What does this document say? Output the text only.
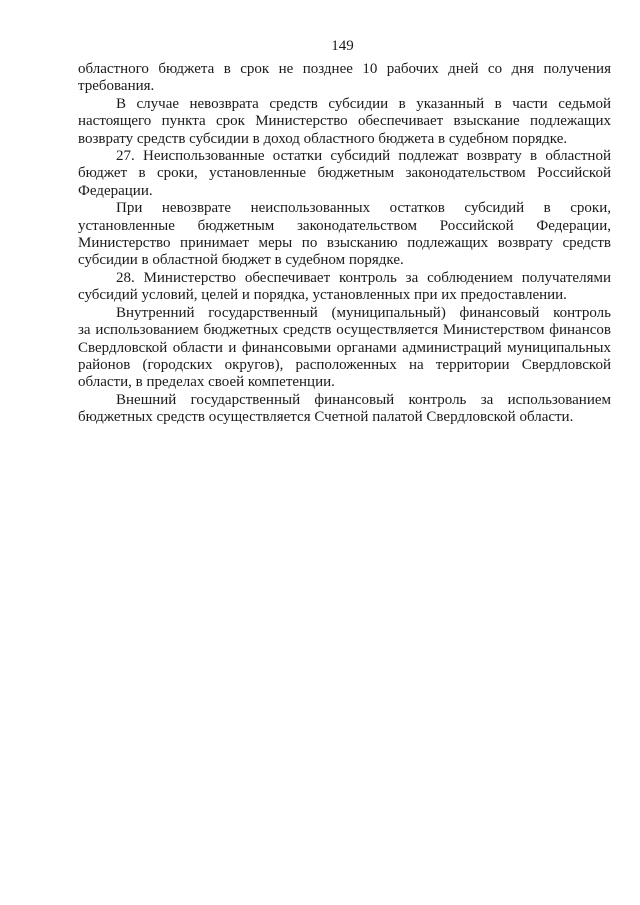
149
областного бюджета в срок не позднее 10 рабочих дней со дня получения
требования.
В случае невозврата средств субсидии в указанный в части седьмой
настоящего пункта срок Министерство обеспечивает взыскание подлежащих
возврату средств субсидии в доход областного бюджета в судебном порядке.
27. Неиспользованные остатки субсидий подлежат возврату в областной
бюджет в сроки, установленные бюджетным законодательством Российской
Федерации.
При невозврате неиспользованных остатков субсидий в сроки,
установленные бюджетным законодательством Российской Федерации,
Министерство принимает меры по взысканию подлежащих возврату средств
субсидии в областной бюджет в судебном порядке.
28. Министерство обеспечивает контроль за соблюдением получателями
субсидий условий, целей и порядка, установленных при их предоставлении.
Внутренний государственный (муниципальный) финансовый контроль
за использованием бюджетных средств осуществляется Министерством финансов
Свердловской области и финансовыми органами администраций муниципальных
районов (городских округов), расположенных на территории Свердловской
области, в пределах своей компетенции.
Внешний государственный финансовый контроль за использованием
бюджетных средств осуществляется Счетной палатой Свердловской области.
